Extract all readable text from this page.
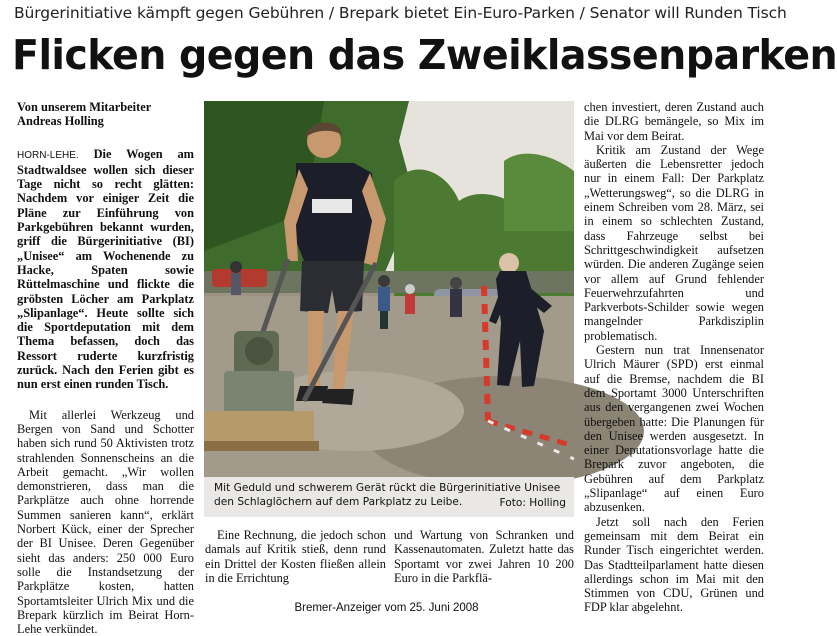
Bürgerinitiative kämpft gegen Gebühren / Brepark bietet Ein-Euro-Parken / Senator will Runden Tisch
Flicken gegen das Zweiklassenparken

Von unserem Mitarbeiter

Andreas Holling

HORN-LEHE. Die Wogen am Stadtwaldsee wollen sich dieser Tage nicht so recht glätten: Nachdem vor einiger Zeit die Pläne zur Einführung von Parkgebühren bekannt wurden, griff die Bürgerinitiative (BI) „Unisee“ am Wochenende zu Hacke, Spaten sowie Rüttelmaschine und flickte die gröbsten Löcher am Parkplatz „Slipanlage“. Heute sollte sich die Sportdeputation mit dem Thema befassen, doch das Ressort ruderte kurzfristig zurück. Nach den Ferien gibt es nun erst einen runden Tisch.

Mit allerlei Werkzeug und Bergen von Sand und Schotter haben sich rund 50 Aktivisten trotz strahlenden Sonnenscheins an die Arbeit gemacht. „Wir wollen demonstrieren, dass man die Parkplätze auch ohne horrende Summen sanieren kann“, erklärt Norbert Kück, einer der Sprecher der BI Unisee. Deren Gegenüber sieht das anders: 250 000 Euro solle die Instandsetzung der Parkplätze kosten, hatten Sportamtsleiter Ulrich Mix und die Brepark kürzlich im Beirat Horn-Lehe verkündet.

Mit Geduld und schwerem Gerät rückt die Bürgerinitiative Unisee den Schlaglöchern auf dem Parkplatz zu Leibe.	Foto: Holling

Eine Rechnung, die jedoch schon damals auf Kritik stieß, denn rund ein Drittel der Kosten fließen allein in die Errichtung

und Wartung von Schranken und Kassenautomaten. Zuletzt hatte das Sportamt vor zwei Jahren 10 200 Euro in die Parkflä-

chen investiert, deren Zustand auch die DLRG bemängele, so Mix im Mai vor dem Beirat.

Kritik am Zustand der Wege äußerten die Lebensretter jedoch nur in einem Fall: Der Parkplatz „Wetterungsweg“, so die DLRG in einem Schreiben vom 28. März, sei in einem so schlechten Zustand, dass Fahrzeuge selbst bei Schrittgeschwindigkeit aufsetzen würden. Die anderen Zugänge seien vor allem auf Grund fehlender Feuerwehrzufahrten und Parkverbots-Schilder sowie wegen mangelnder Parkdisziplin problematisch.

Gestern nun trat Innensenator Ulrich Mäurer (SPD) erst einmal auf die Bremse, nachdem die BI dem Sportamt 3000 Unterschriften aus den vergangenen zwei Wochen übergeben hatte: Die Planungen für den Unisee werden ausgesetzt. In einer Deputationsvorlage hatte die Brepark zuvor angeboten, die Gebühren auf dem Parkplatz „Slipanlage“ auf einen Euro abzusenken.

Jetzt soll nach den Ferien gemeinsam mit dem Beirat ein Runder Tisch eingerichtet werden. Das Stadtteilparlament hatte diesen allerdings schon im Mai mit den Stimmen von CDU, Grünen und FDP klar abgelehnt.

Bremer-Anzeiger vom 25. Juni 2008
